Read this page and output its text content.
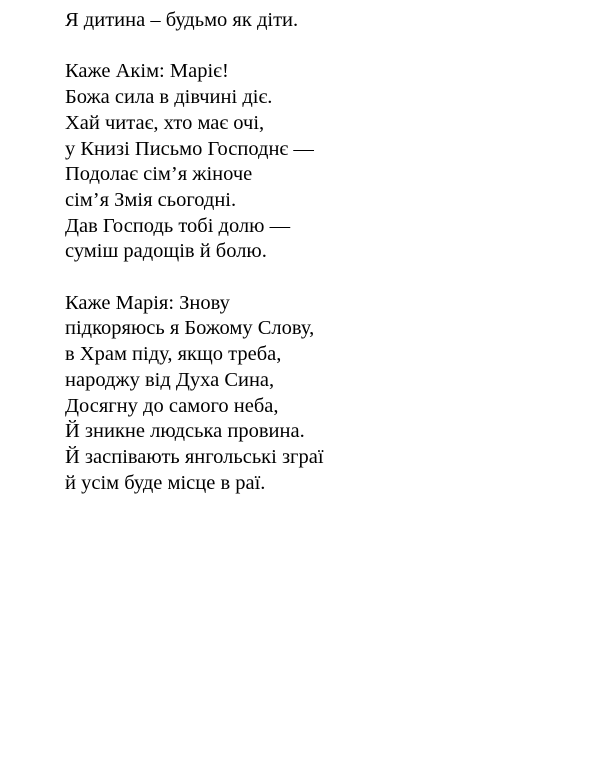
Я дитина – будьмо як діти.
Каже Акім: Маріє!
Божа сила в дівчині діє.
Хай читає, хто має очі,
у Книзі Письмо Господнє —
Подолає сім’я жіноче
сім’я Змія сьогодні.
Дав Господь тобі долю —
суміш радощів й болю.
Каже Марія: Знову
підкоряюсь я Божому Слову,
в Храм піду, якщо треба,
народжу від Духа Сина,
Досягну до самого неба,
Й зникне людська провина.
Й заспівають янгольські зграї
й усім буде місце в раї.
